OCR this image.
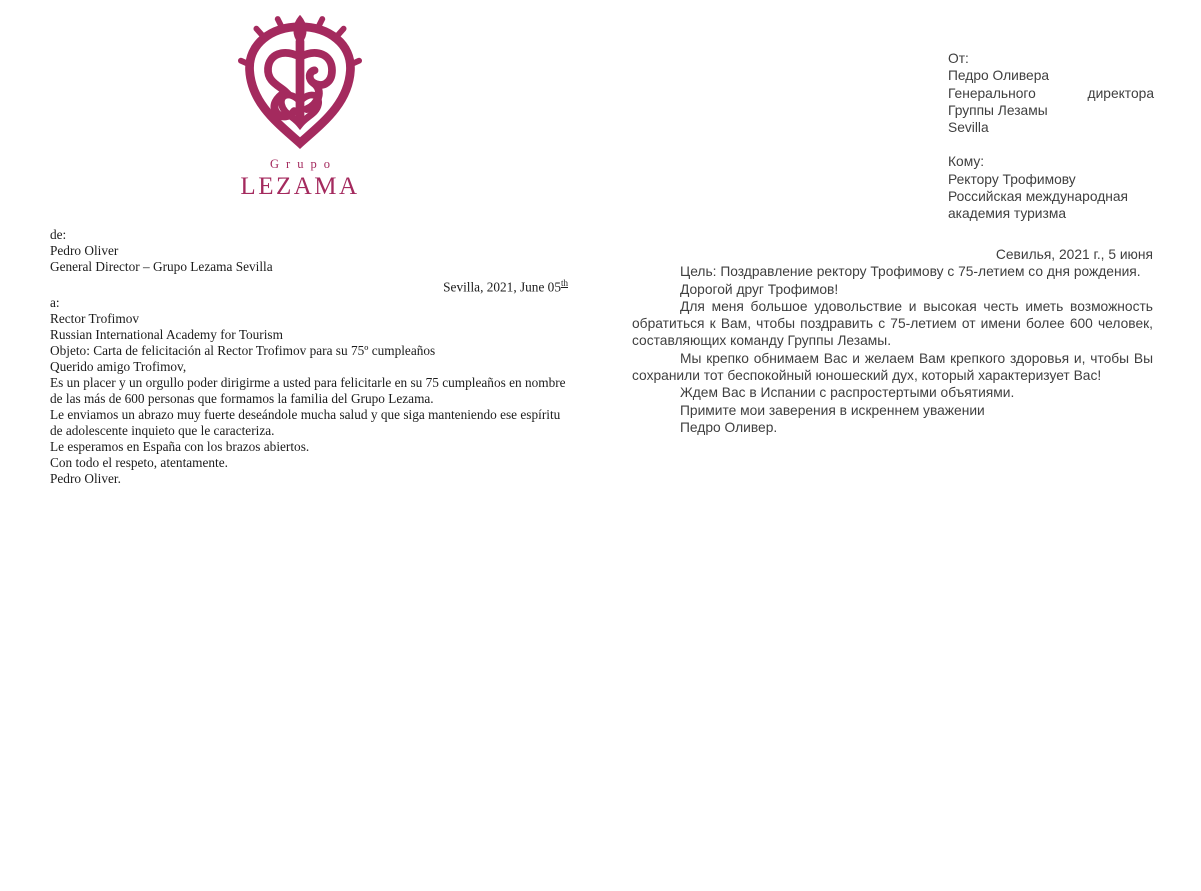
Grupo
LEZAMA

de:
Pedro Oliver
General Director – Grupo Lezama Sevilla

Sevilla, 2021, June 05th

a:
Rector Trofimov
Russian International Academy for Tourism

Objeto: Carta de felicitación al Rector Trofimov para su 75º cumpleaños

Querido amigo Trofimov,

Es un placer y un orgullo poder dirigirme a usted para felicitarle en su 75 cumpleaños en nombre de las más de 600 personas que formamos la familia del Grupo Lezama.

Le enviamos un abrazo muy fuerte deseándole mucha salud y que siga manteniendo ese espíritu de adolescente inquieto que le caracteriza.

Le esperamos en España con los brazos abiertos.

Con todo el respeto, atentamente.

Pedro Oliver.

От:

Педро Оливера

Генерального	директора

Группы Лезамы

Sevilla

Кому:

Ректору Трофимову

Российская международная

академия туризма

Севилья, 2021 г., 5 июня

Цель: Поздравление ректору Трофимову с 75-летием со дня рождения.

Дорогой друг Трофимов!

Для меня большое удовольствие и высокая честь иметь возможность обратиться к Вам, чтобы поздравить с 75-летием от имени более 600 человек, составляющих команду Группы Лезамы.

Мы крепко обнимаем Вас и желаем Вам крепкого здоровья и, чтобы Вы сохранили тот беспокойный юношеский дух, который характеризует Вас!

Ждем Вас в Испании с распростертыми объятиями.

Примите мои заверения в искреннем уважении

Педро Оливер.
